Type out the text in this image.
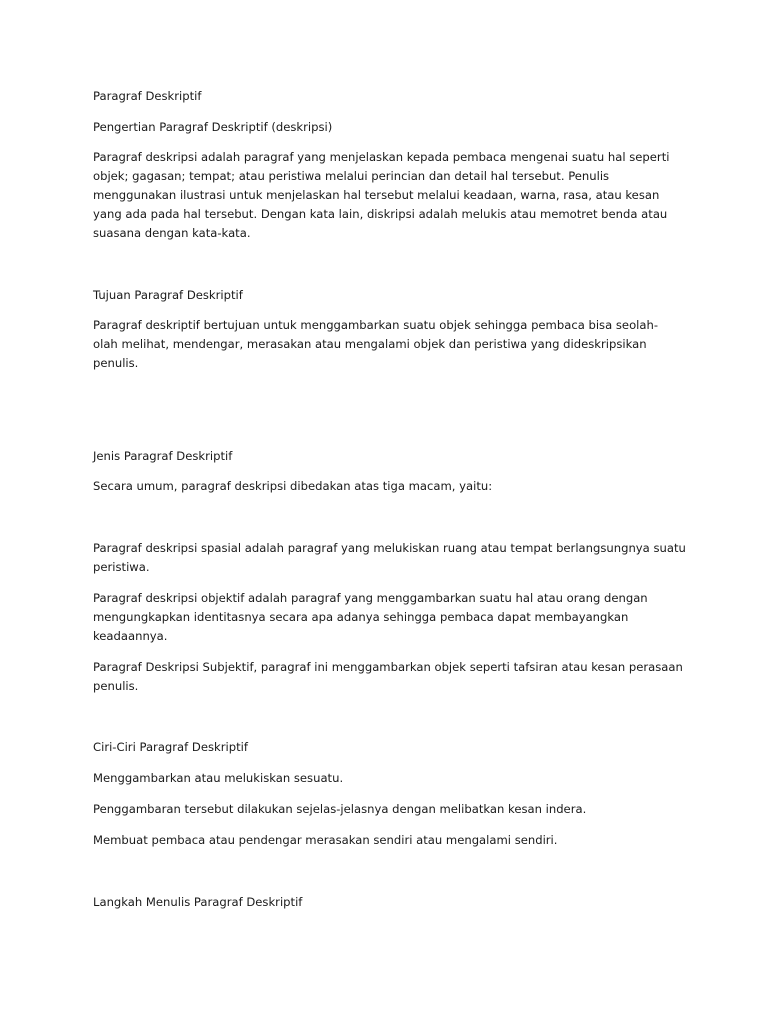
Paragraf Deskriptif

Pengertian Paragraf Deskriptif (deskripsi)

Paragraf deskripsi adalah paragraf yang menjelaskan kepada pembaca mengenai suatu hal seperti

objek; gagasan; tempat; atau peristiwa melalui perincian dan detail hal tersebut. Penulis

menggunakan ilustrasi untuk menjelaskan hal tersebut melalui keadaan, warna, rasa, atau kesan

yang ada pada hal tersebut. Dengan kata lain, diskripsi adalah melukis atau memotret benda atau

suasana dengan kata-kata.

Tujuan Paragraf Deskriptif

Paragraf deskriptif bertujuan untuk menggambarkan suatu objek sehingga pembaca bisa seolah-

olah melihat, mendengar, merasakan atau mengalami objek dan peristiwa yang dideskripsikan

penulis.

Jenis Paragraf Deskriptif

Secara umum, paragraf deskripsi dibedakan atas tiga macam, yaitu:

Paragraf deskripsi spasial adalah paragraf yang melukiskan ruang atau tempat berlangsungnya suatu

peristiwa.

Paragraf deskripsi objektif adalah paragraf yang menggambarkan suatu hal atau orang dengan

mengungkapkan identitasnya secara apa adanya sehingga pembaca dapat membayangkan

keadaannya.

Paragraf Deskripsi Subjektif, paragraf ini menggambarkan objek seperti tafsiran atau kesan perasaan

penulis.

Ciri-Ciri Paragraf Deskriptif

Menggambarkan atau melukiskan sesuatu.

Penggambaran tersebut dilakukan sejelas-jelasnya dengan melibatkan kesan indera.

Membuat pembaca atau pendengar merasakan sendiri atau mengalami sendiri.

Langkah Menulis Paragraf Deskriptif
